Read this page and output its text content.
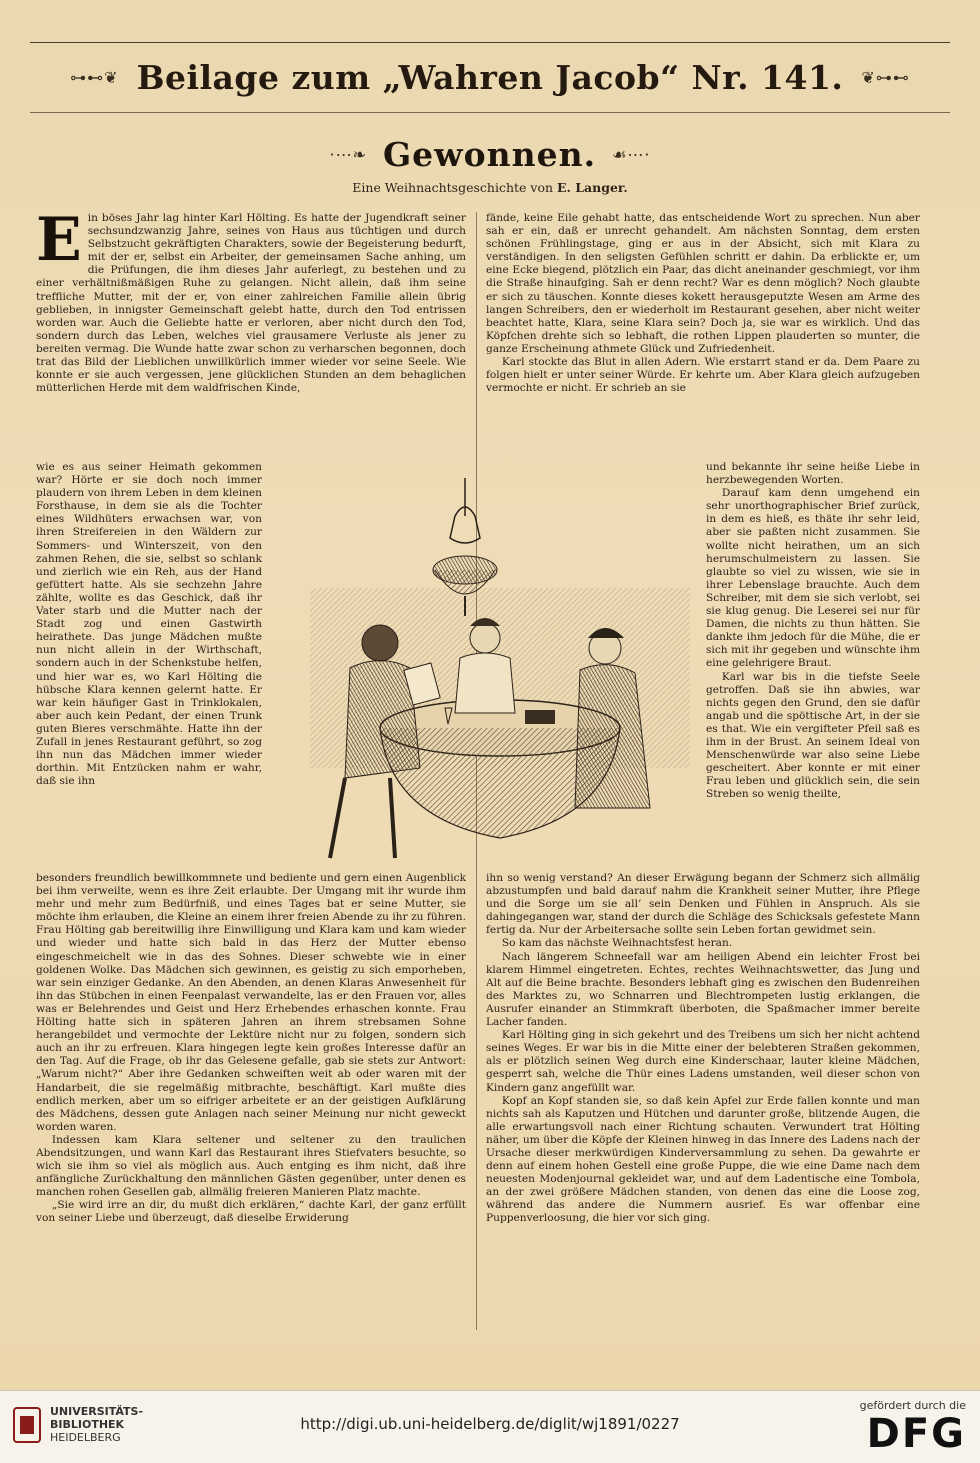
⊶⊷❦ Beilage zum „Wahren Jacob“ Nr. 141. ❦⊶⊷
·⋯❧ Gewonnen. ☙⋯·
Eine Weihnachtsgeschichte von E. Langer.

Ein böses Jahr lag hinter Karl Hölting. Es hatte der Jugendkraft seiner sechsundzwanzig Jahre, seines von Haus aus tüchtigen und durch Selbstzucht gekräftigten Charakters, sowie der Begeisterung bedurft, mit der er, selbst ein Arbeiter, der gemeinsamen Sache anhing, um die Prüfungen, die ihm dieses Jahr auferlegt, zu bestehen und zu einer verhältnißmäßigen Ruhe zu gelangen. Nicht allein, daß ihm seine treffliche Mutter, mit der er, von einer zahlreichen Familie allein übrig geblieben, in innigster Gemeinschaft gelebt hatte, durch den Tod entrissen worden war. Auch die Geliebte hatte er verloren, aber nicht durch den Tod, sondern durch das Leben, welches viel grausamere Verluste als jener zu bereiten vermag. Die Wunde hatte zwar schon zu verharschen begonnen, doch trat das Bild der Lieblichen unwillkürlich immer wieder vor seine Seele. Wie konnte er sie auch vergessen, jene glücklichen Stunden an dem behaglichen mütterlichen Herde mit dem waldfrischen Kinde,

wie es aus seiner Heimath gekommen war? Hörte er sie doch noch immer plaudern von ihrem Leben in dem kleinen Forsthause, in dem sie als die Tochter eines Wildhüters erwachsen war, von ihren Streifereien in den Wäldern zur Sommers- und Winterszeit, von den zahmen Rehen, die sie, selbst so schlank und zierlich wie ein Reh, aus der Hand gefüttert hatte. Als sie sechzehn Jahre zählte, wollte es das Geschick, daß ihr Vater starb und die Mutter nach der Stadt zog und einen Gastwirth heirathete. Das junge Mädchen mußte nun nicht allein in der Wirthschaft, sondern auch in der Schenkstube helfen, und hier war es, wo Karl Hölting die hübsche Klara kennen gelernt hatte. Er war kein häufiger Gast in Trinklokalen, aber auch kein Pedant, der einen Trunk guten Bieres verschmähte. Hatte ihn der Zufall in jenes Restaurant geführt, so zog ihn nun das Mädchen immer wieder dorthin. Mit Entzücken nahm er wahr, daß sie ihn

besonders freundlich bewillkommnete und bediente und gern einen Augenblick bei ihm verweilte, wenn es ihre Zeit erlaubte. Der Umgang mit ihr wurde ihm mehr und mehr zum Bedürfniß, und eines Tages bat er seine Mutter, sie möchte ihm erlauben, die Kleine an einem ihrer freien Abende zu ihr zu führen. Frau Hölting gab bereitwillig ihre Einwilligung und Klara kam und kam wieder und wieder und hatte sich bald in das Herz der Mutter ebenso eingeschmeichelt wie in das des Sohnes. Dieser schwebte wie in einer goldenen Wolke. Das Mädchen sich gewinnen, es geistig zu sich emporheben, war sein einziger Gedanke. An den Abenden, an denen Klaras Anwesenheit für ihn das Stübchen in einen Feenpalast verwandelte, las er den Frauen vor, alles was er Belehrendes und Geist und Herz Erhebendes erhaschen konnte. Frau Hölting hatte sich in späteren Jahren an ihrem strebsamen Sohne herangebildet und vermochte der Lektüre nicht nur zu folgen, sondern sich auch an ihr zu erfreuen. Klara hingegen legte kein großes Interesse dafür an den Tag. Auf die Frage, ob ihr das Gelesene gefalle, gab sie stets zur Antwort: „Warum nicht?“ Aber ihre Gedanken schweiften weit ab oder waren mit der Handarbeit, die sie regelmäßig mitbrachte, beschäftigt. Karl mußte dies endlich merken, aber um so eifriger arbeitete er an der geistigen Aufklärung des Mädchens, dessen gute Anlagen nach seiner Meinung nur nicht geweckt worden waren.

Indessen kam Klara seltener und seltener zu den traulichen Abendsitzungen, und wann Karl das Restaurant ihres Stiefvaters besuchte, so wich sie ihm so viel als möglich aus. Auch entging es ihm nicht, daß ihre anfängliche Zurückhaltung den männlichen Gästen gegenüber, unter denen es manchen rohen Gesellen gab, allmälig freieren Manieren Platz machte.

„Sie wird irre an dir, du mußt dich erklären,“ dachte Karl, der ganz erfüllt von seiner Liebe und überzeugt, daß dieselbe Erwiderung

fände, keine Eile gehabt hatte, das entscheidende Wort zu sprechen. Nun aber sah er ein, daß er unrecht gehandelt. Am nächsten Sonntag, dem ersten schönen Frühlingstage, ging er aus in der Absicht, sich mit Klara zu verständigen. In den seligsten Gefühlen schritt er dahin. Da erblickte er, um eine Ecke biegend, plötzlich ein Paar, das dicht aneinander geschmiegt, vor ihm die Straße hinaufging. Sah er denn recht? War es denn möglich? Noch glaubte er sich zu täuschen. Konnte dieses kokett herausgeputzte Wesen am Arme des langen Schreibers, den er wiederholt im Restaurant gesehen, aber nicht weiter beachtet hatte, Klara, seine Klara sein? Doch ja, sie war es wirklich. Und das Köpfchen drehte sich so lebhaft, die rothen Lippen plauderten so munter, die ganze Erscheinung athmete Glück und Zufriedenheit.

Karl stockte das Blut in allen Adern. Wie erstarrt stand er da. Dem Paare zu folgen hielt er unter seiner Würde. Er kehrte um. Aber Klara gleich aufzugeben vermochte er nicht. Er schrieb an sie

und bekannte ihr seine heiße Liebe in herzbewegenden Worten.

Darauf kam denn umgehend ein sehr unorthographischer Brief zurück, in dem es hieß, es thäte ihr sehr leid, aber sie paßten nicht zusammen. Sie wollte nicht heirathen, um an sich herumschulmeistern zu lassen. Sie glaubte so viel zu wissen, wie sie in ihrer Lebenslage brauchte. Auch dem Schreiber, mit dem sie sich verlobt, sei sie klug genug. Die Leserei sei nur für Damen, die nichts zu thun hätten. Sie dankte ihm jedoch für die Mühe, die er sich mit ihr gegeben und wünschte ihm eine gelehrigere Braut.

Karl war bis in die tiefste Seele getroffen. Daß sie ihn abwies, war nichts gegen den Grund, den sie dafür angab und die spöttische Art, in der sie es that. Wie ein vergifteter Pfeil saß es ihm in der Brust. An seinem Ideal von Menschenwürde war also seine Liebe gescheitert. Aber konnte er mit einer Frau leben und glücklich sein, die sein Streben so wenig theilte,

ihn so wenig verstand? An dieser Erwägung begann der Schmerz sich allmälig abzustumpfen und bald darauf nahm die Krankheit seiner Mutter, ihre Pflege und die Sorge um sie all’ sein Denken und Fühlen in Anspruch. Als sie dahingegangen war, stand der durch die Schläge des Schicksals gefestete Mann fertig da. Nur der Arbeitersache sollte sein Leben fortan gewidmet sein.

So kam das nächste Weihnachtsfest heran.

Nach längerem Schneefall war am heiligen Abend ein leichter Frost bei klarem Himmel eingetreten. Echtes, rechtes Weihnachtswetter, das Jung und Alt auf die Beine brachte. Besonders lebhaft ging es zwischen den Budenreihen des Marktes zu, wo Schnarren und Blechtrompeten lustig erklangen, die Ausrufer einander an Stimmkraft überboten, die Spaßmacher immer bereite Lacher fanden.

Karl Hölting ging in sich gekehrt und des Treibens um sich her nicht achtend seines Weges. Er war bis in die Mitte einer der belebteren Straßen gekommen, als er plötzlich seinen Weg durch eine Kinderschaar, lauter kleine Mädchen, gesperrt sah, welche die Thür eines Ladens umstanden, weil dieser schon von Kindern ganz angefüllt war.

Kopf an Kopf standen sie, so daß kein Apfel zur Erde fallen konnte und man nichts sah als Kaputzen und Hütchen und darunter große, blitzende Augen, die alle erwartungsvoll nach einer Richtung schauten. Verwundert trat Hölting näher, um über die Köpfe der Kleinen hinweg in das Innere des Ladens nach der Ursache dieser merkwürdigen Kinderversammlung zu sehen. Da gewahrte er denn auf einem hohen Gestell eine große Puppe, die wie eine Dame nach dem neuesten Modenjournal gekleidet war, und auf dem Ladentische eine Tombola, an der zwei größere Mädchen standen, von denen das eine die Loose zog, während das andere die Nummern ausrief. Es war offenbar eine Puppenverloosung, die hier vor sich ging.

UNIVERSITÄTS-
BIBLIOTHEK
HEIDELBERG
http://digi.ub.uni-heidelberg.de/diglit/wj1891/0227
gefördert durch die
DFG
